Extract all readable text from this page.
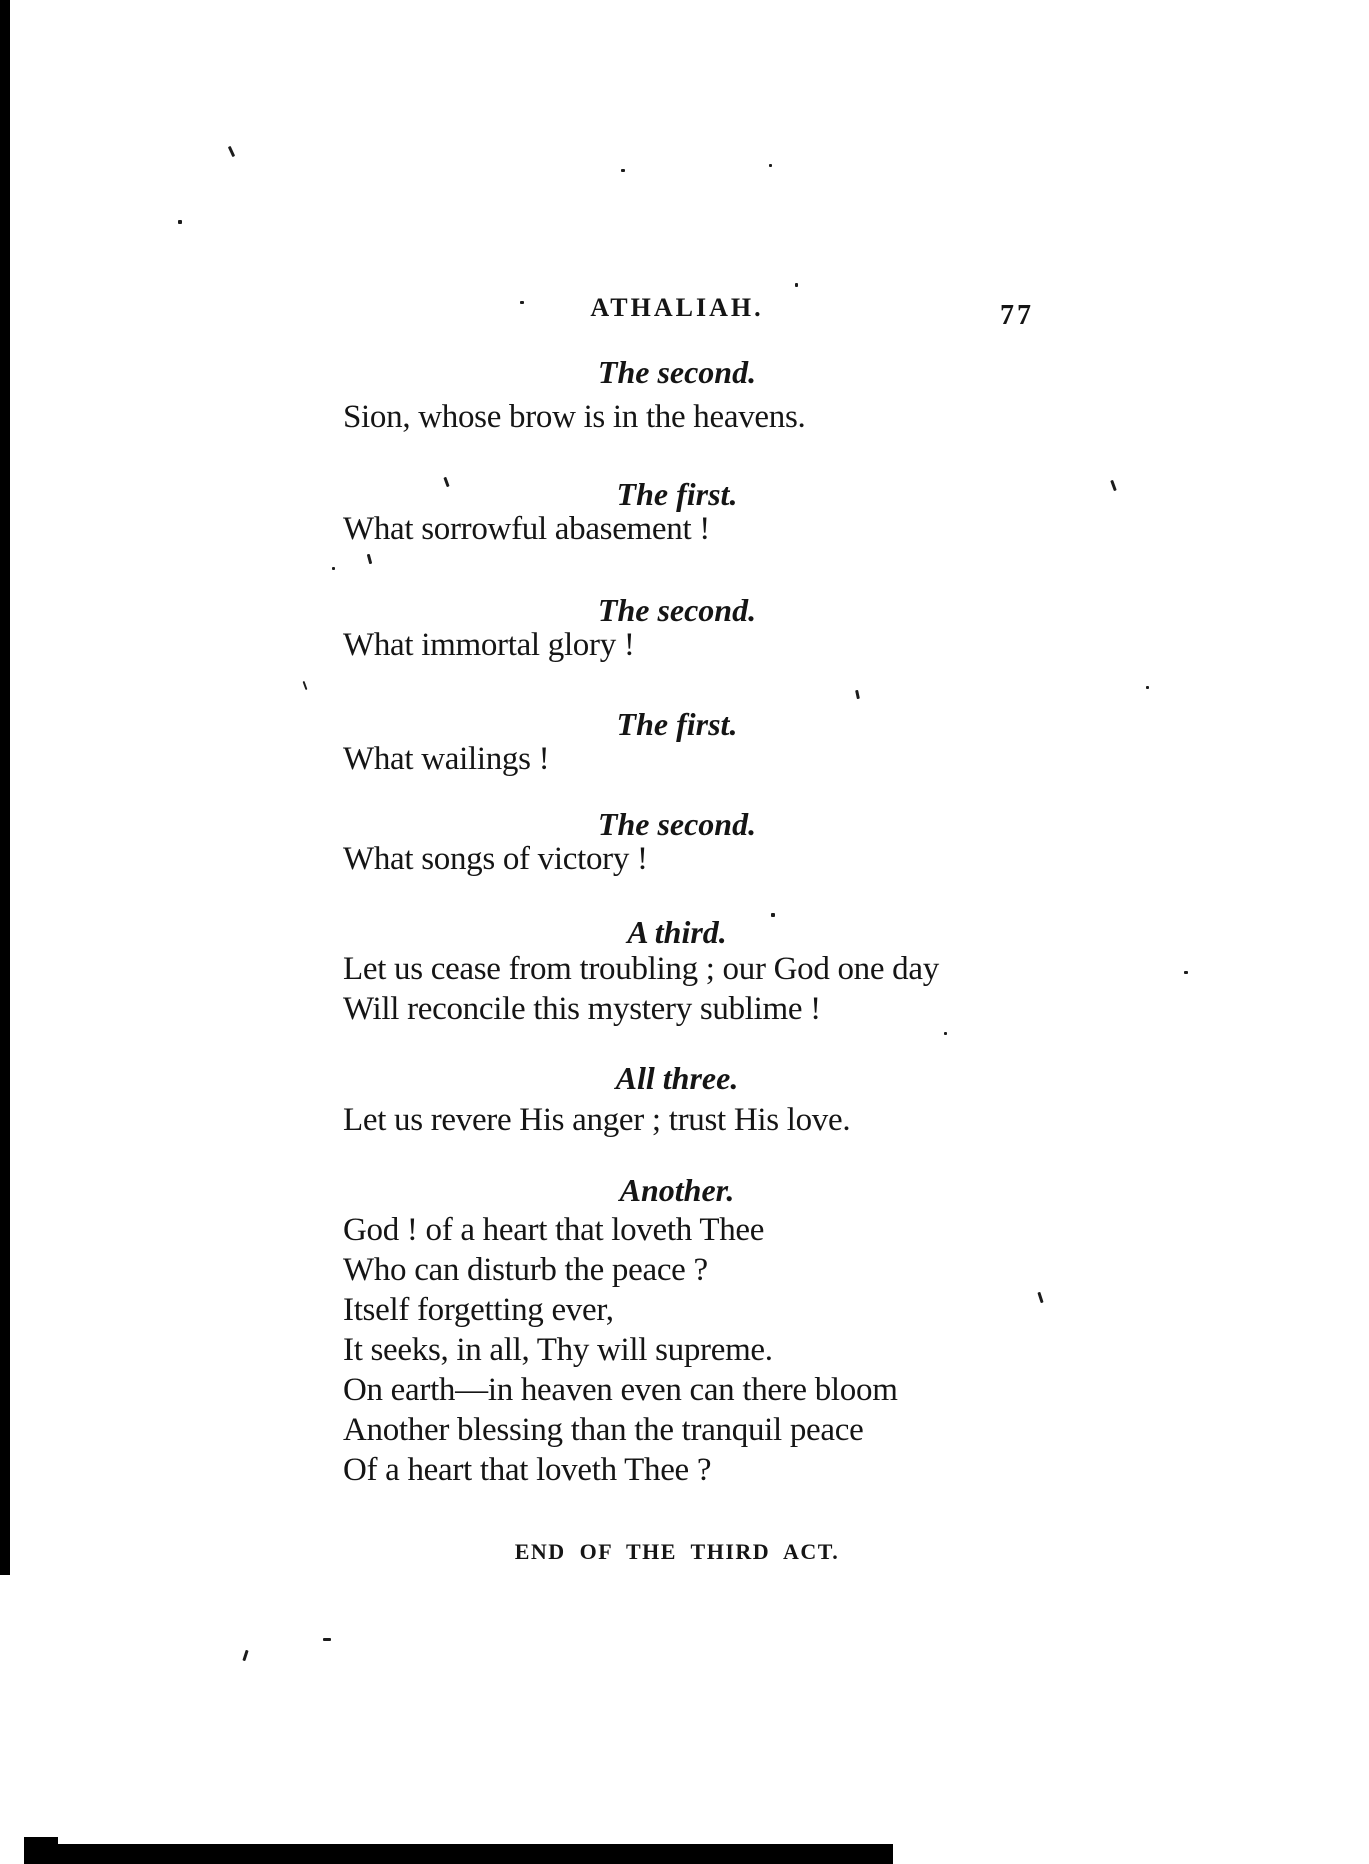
ATHALIAH.	77
The second.
Sion, whose brow is in the heavens.
The first.
What sorrowful abasement !
The second.
What immortal glory !
The first.
What wailings !
The second.
What songs of victory !
A third.
Let us cease from troubling ; our God one day
Will reconcile this mystery sublime !
All three.
Let us revere His anger ; trust His love.
Another.
God ! of a heart that loveth Thee
Who can disturb the peace ?
Itself forgetting ever,
It seeks, in all, Thy will supreme.
On earth—in heaven even can there bloom
Another blessing than the tranquil peace
Of a heart that loveth Thee ?
END OF THE THIRD ACT.
